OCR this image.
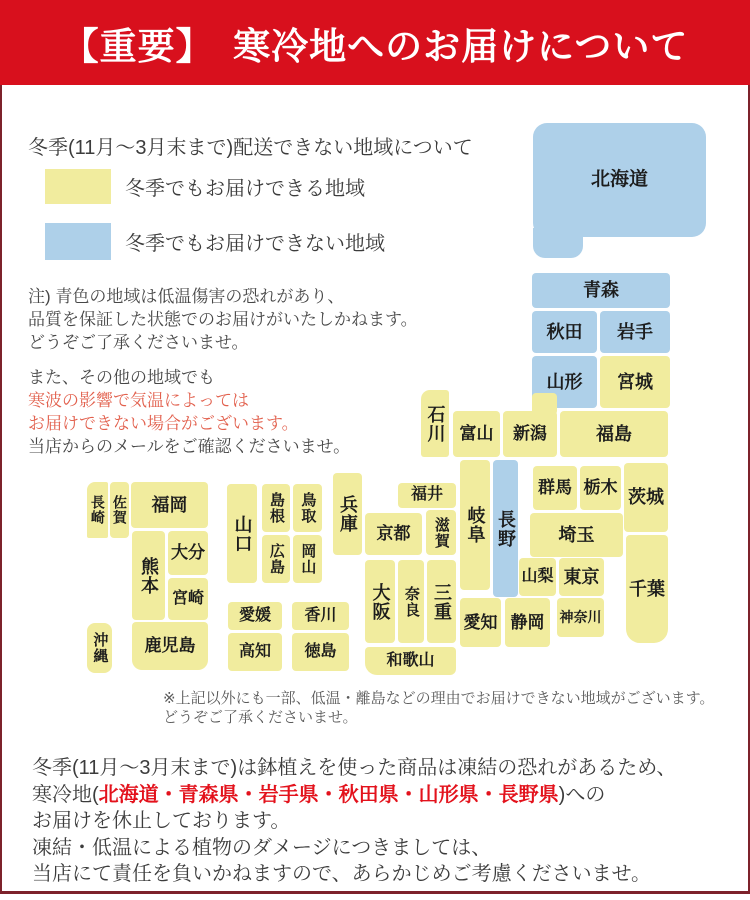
【重要】　寒冷地へのお届けについて
冬季(11月〜3月末まで)配送できない地域について
冬季でもお届けできる地域
冬季でもお届けできない地域
注) 青色の地域は低温傷害の恐れがあり、
品質を保証した状態でのお届けがいたしかねます。
どうぞご了承くださいませ。
また、その他の地域でも
寒波の影響で気温によっては
お届けできない場合がございます。
当店からのメールをご確認くださいませ。
北海道
青森
秋田	岩手
山形	宮城
石川 富山	新潟	福島
群馬 栃木 茨城
埼玉
山梨 東京
千葉
神奈川
長野
岐阜
愛知 静岡
福井
滋賀
京都
兵庫
大阪 奈良 三重
和歌山
鳥取
島根
岡山
広島
山口
愛媛	香川
高知	徳島
福岡
佐賀
長崎
熊本
大分
宮崎
鹿児島
沖縄
※上記以外にも一部、低温・離島などの理由でお届けできない地域がございます。
どうぞご了承くださいませ。
冬季(11月〜3月末まで)は鉢植えを使った商品は凍結の恐れがあるため、
寒冷地(北海道・青森県・岩手県・秋田県・山形県・長野県)への
お届けを休止しております。
凍結・低温による植物のダメージにつきましては、
当店にて責任を負いかねますので、あらかじめご考慮くださいませ。
